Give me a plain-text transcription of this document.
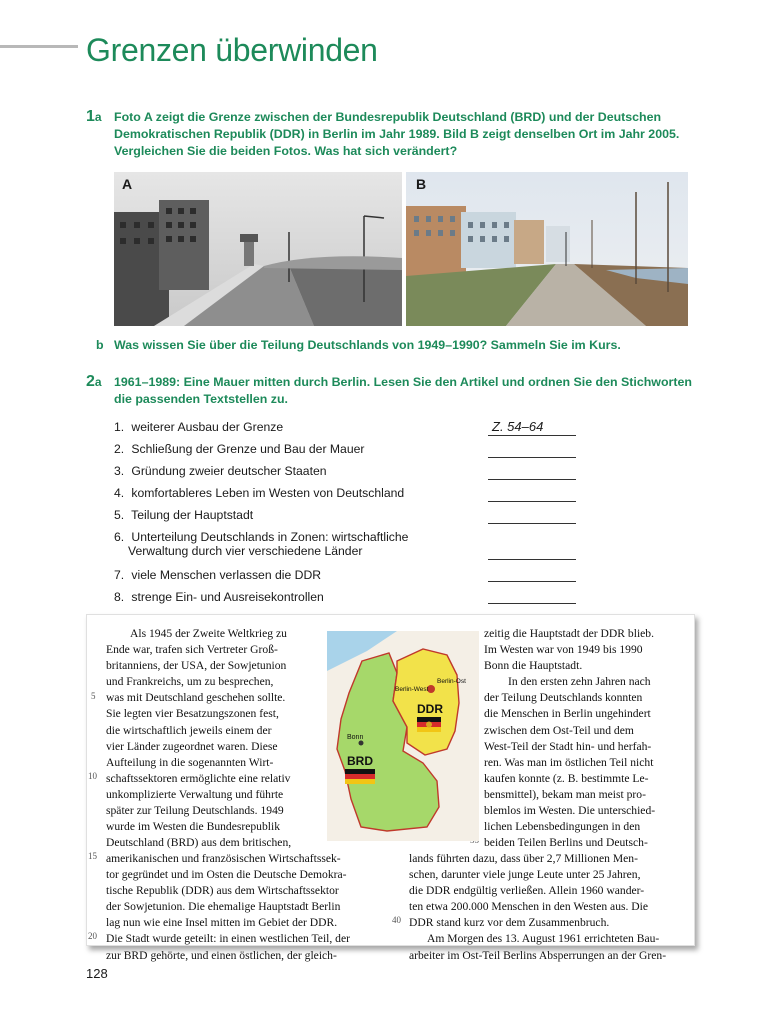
Grenzen überwinden
1a Foto A zeigt die Grenze zwischen der Bundesrepublik Deutschland (BRD) und der Deutschen
Demokratischen Republik (DDR) in Berlin im Jahr 1989. Bild B zeigt denselben Ort im Jahr 2005.
Vergleichen Sie die beiden Fotos. Was hat sich verändert?
A	B
b Was wissen Sie über die Teilung Deutschlands von 1949–1990? Sammeln Sie im Kurs.
2a 1961–1989: Eine Mauer mitten durch Berlin. Lesen Sie den Artikel und ordnen Sie den Stichworten
die passenden Textstellen zu.
1. weiterer Ausbau der Grenze	Z. 54–64
2. Schließung der Grenze und Bau der Mauer
3. Gründung zweier deutscher Staaten
4. komfortableres Leben im Westen von Deutschland
5. Teilung der Hauptstadt
6. Unterteilung Deutschlands in Zonen: wirtschaftliche
Verwaltung durch vier verschiedene Länder
7. viele Menschen verlassen die DDR
8. strenge Ein- und Ausreisekontrollen

Als 1945 der Zweite Weltkrieg zu

Ende war, trafen sich Vertreter Groß-

britanniens, der USA, der Sowjetunion

und Frankreichs, um zu besprechen,

was mit Deutschland geschehen sollte.

Sie legten vier Besatzungszonen fest,

die wirtschaftlich jeweils einem der

vier Länder zugeordnet waren. Diese

Aufteilung in die sogenannten Wirt-

schaftssektoren ermöglichte eine relativ

unkomplizierte Verwaltung und führte

später zur Teilung Deutschlands. 1949

wurde im Westen die Bundesrepublik

Deutschland (BRD) aus dem britischen,

amerikanischen und französischen Wirtschaftssek-

tor gegründet und im Osten die Deutsche Demokra-

tische Republik (DDR) aus dem Wirtschaftssektor

der Sowjetunion. Die ehemalige Hauptstadt Berlin

lag nun wie eine Insel mitten im Gebiet der DDR.

Die Stadt wurde geteilt: in einen westlichen Teil, der

zur BRD gehörte, und einen östlichen, der gleich-

zeitig die Hauptstadt der DDR blieb.

Im Westen war von 1949 bis 1990

Bonn die Hauptstadt.

In den ersten zehn Jahren nach

der Teilung Deutschlands konnten

die Menschen in Berlin ungehindert

zwischen dem Ost-Teil und dem

West-Teil der Stadt hin- und herfah-

ren. Was man im östlichen Teil nicht

kaufen konnte (z. B. bestimmte Le-

bensmittel), bekam man meist pro-

blemlos im Westen. Die unterschied-

lichen Lebensbedingungen in den

beiden Teilen Berlins und Deutsch-

lands führten dazu, dass über 2,7 Millionen Men-

schen, darunter viele junge Leute unter 25 Jahren,

die DDR endgültig verließen. Allein 1960 wander-

ten etwa 200.000 Menschen in den Westen aus. Die

DDR stand kurz vor dem Zusammenbruch.

Am Morgen des 13. August 1961 errichteten Bau-

arbeiter im Ost-Teil Berlins Absperrungen an der Gren-

5
10
15
20
40
DDR
BRD
Bonn
Berlin-West
Berlin-Ost
128
